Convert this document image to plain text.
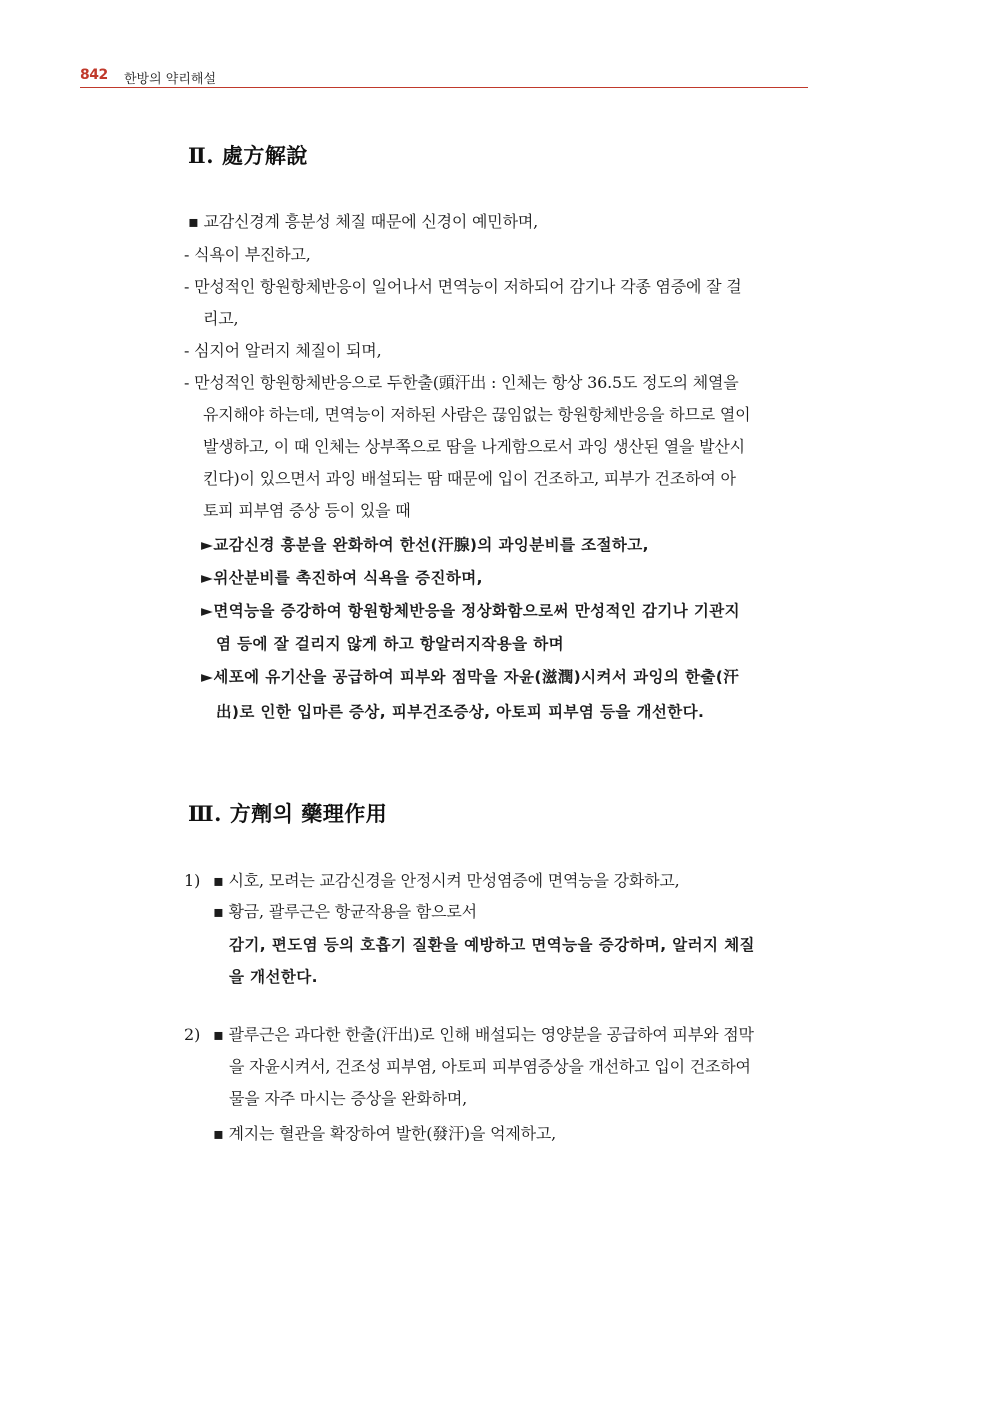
842 한방의 약리해설
Ⅱ. 處方解說
▪ 교감신경계 흥분성 체질 때문에 신경이 예민하며,
- 식욕이 부진하고,
- 만성적인 항원항체반응이 일어나서 면역능이 저하되어 감기나 각종 염증에 잘 걸
리고,
- 심지어 알러지 체질이 되며,
- 만성적인 항원항체반응으로 두한출(頭汗出 : 인체는 항상 36.5도 정도의 체열을
유지해야 하는데, 면역능이 저하된 사람은 끊임없는 항원항체반응을 하므로 열이
발생하고, 이 때 인체는 상부쪽으로 땀을 나게함으로서 과잉 생산된 열을 발산시
킨다)이 있으면서 과잉 배설되는 땀 때문에 입이 건조하고, 피부가 건조하여 아
토피 피부염 증상 등이 있을 때
►교감신경 흥분을 완화하여 한선(汗腺)의 과잉분비를 조절하고,
►위산분비를 촉진하여 식욕을 증진하며,
►면역능을 증강하여 항원항체반응을 정상화함으로써 만성적인 감기나 기관지
염 등에 잘 걸리지 않게 하고 항알러지작용을 하며
►세포에 유기산을 공급하여 피부와 점막을 자윤(滋潤)시켜서 과잉의 한출(汗
出)로 인한 입마른 증상, 피부건조증상, 아토피 피부염 등을 개선한다.
Ⅲ. 方劑의 藥理作用
1) ▪ 시호, 모려는 교감신경을 안정시켜 만성염증에 면역능을 강화하고,
▪ 황금, 괄루근은 항균작용을 함으로서
감기, 편도염 등의 호흡기 질환을 예방하고 면역능을 증강하며, 알러지 체질
을 개선한다.
2) ▪ 괄루근은 과다한 한출(汗出)로 인해 배설되는 영양분을 공급하여 피부와 점막
을 자윤시켜서, 건조성 피부염, 아토피 피부염증상을 개선하고 입이 건조하여
물을 자주 마시는 증상을 완화하며,
▪ 계지는 혈관을 확장하여 발한(發汗)을 억제하고,
